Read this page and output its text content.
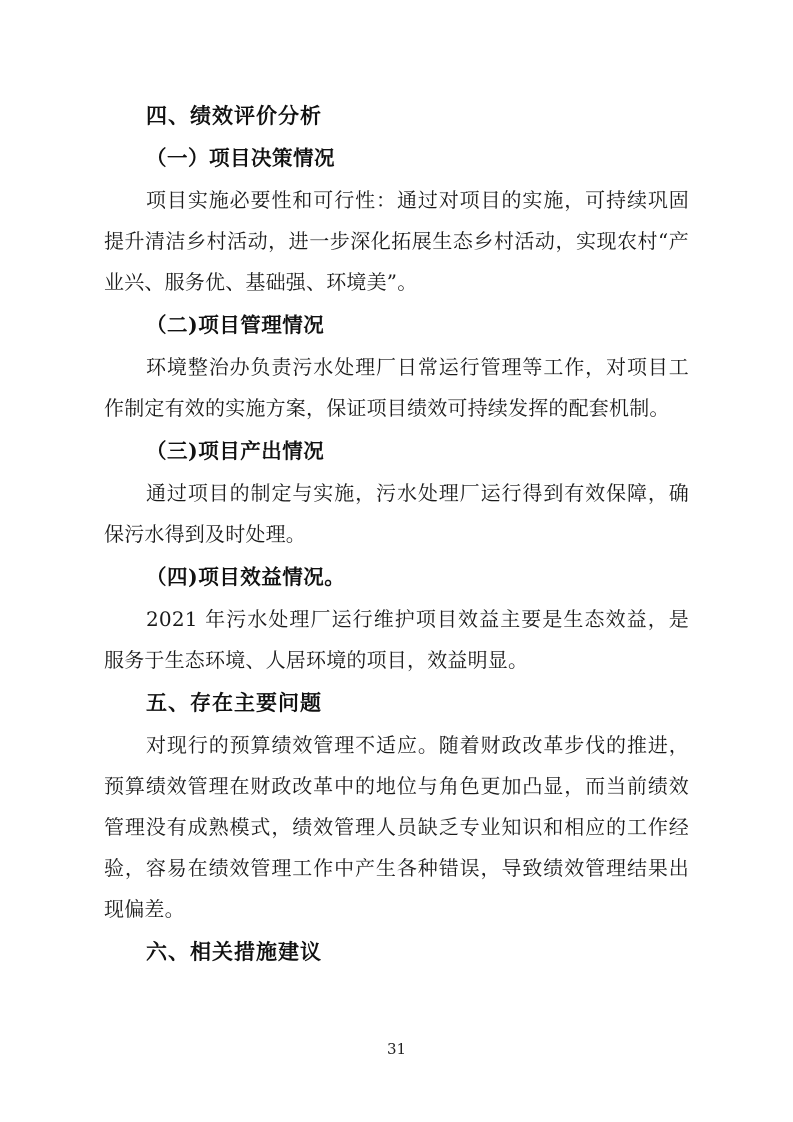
四、绩效评价分析
（一）项目决策情况

项目实施必要性和可行性：通过对项目的实施，可持续巩固提升清洁乡村活动，进一步深化拓展生态乡村活动，实现农村“产业兴、服务优、基础强、环境美”。

（二)项目管理情况

环境整治办负责污水处理厂日常运行管理等工作，对项目工作制定有效的实施方案，保证项目绩效可持续发挥的配套机制。

（三)项目产出情况

通过项目的制定与实施，污水处理厂运行得到有效保障，确保污水得到及时处理。

（四)项目效益情况。

2021 年污水处理厂运行维护项目效益主要是生态效益，是服务于生态环境、人居环境的项目，效益明显。

五、存在主要问题

对现行的预算绩效管理不适应。随着财政改革步伐的推进，预算绩效管理在财政改革中的地位与角色更加凸显，而当前绩效管理没有成熟模式，绩效管理人员缺乏专业知识和相应的工作经验，容易在绩效管理工作中产生各种错误，导致绩效管理结果出现偏差。

六、相关措施建议
31
